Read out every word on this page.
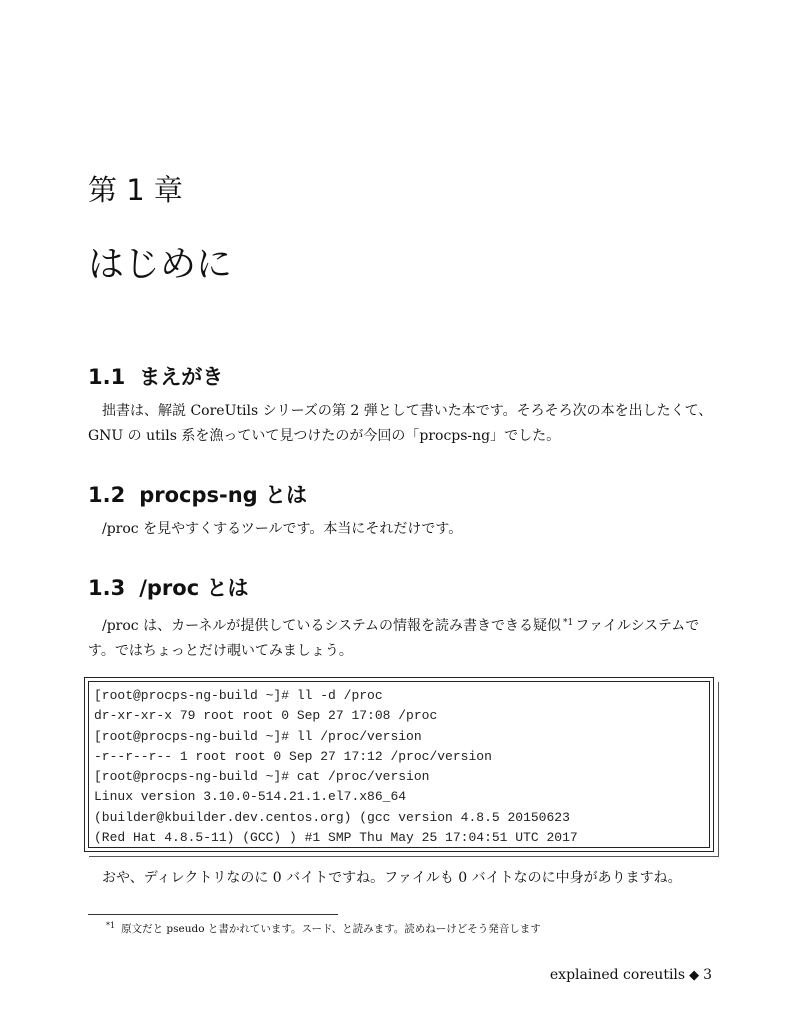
第 1 章
はじめに
1.1 まえがき

拙書は、解説 CoreUtils シリーズの第 2 弾として書いた本です。そろそろ次の本を出したくて、GNU の utils 系を漁っていて見つけたのが今回の「procps-ng」でした。

1.2 procps-ng とは

/proc を見やすくするツールです。本当にそれだけです。

1.3 /proc とは

/proc は、カーネルが提供しているシステムの情報を読み書きできる疑似 $^{*1}$ ファイルシステムです。ではちょっとだけ覗いてみましょう。

[root@procps-ng-build ~]# ll -d /proc
dr-xr-xr-x 79 root root 0 Sep 27 17:08 /proc
[root@procps-ng-build ~]# ll /proc/version
-r--r--r-- 1 root root 0 Sep 27 17:12 /proc/version
[root@procps-ng-build ~]# cat /proc/version
Linux version 3.10.0-514.21.1.el7.x86_64
(builder@kbuilder.dev.centos.org) (gcc version 4.8.5 20150623
(Red Hat 4.8.5-11) (GCC) ) #1 SMP Thu May 25 17:04:51 UTC 2017

おや、ディレクトリなのに 0 バイトですね。ファイルも 0 バイトなのに中身がありますね。

$^{*1}$ 原文だと pseudo と書かれています。スード、と読みます。読めねーけどそう発音します
explained coreutils ◆ 3
